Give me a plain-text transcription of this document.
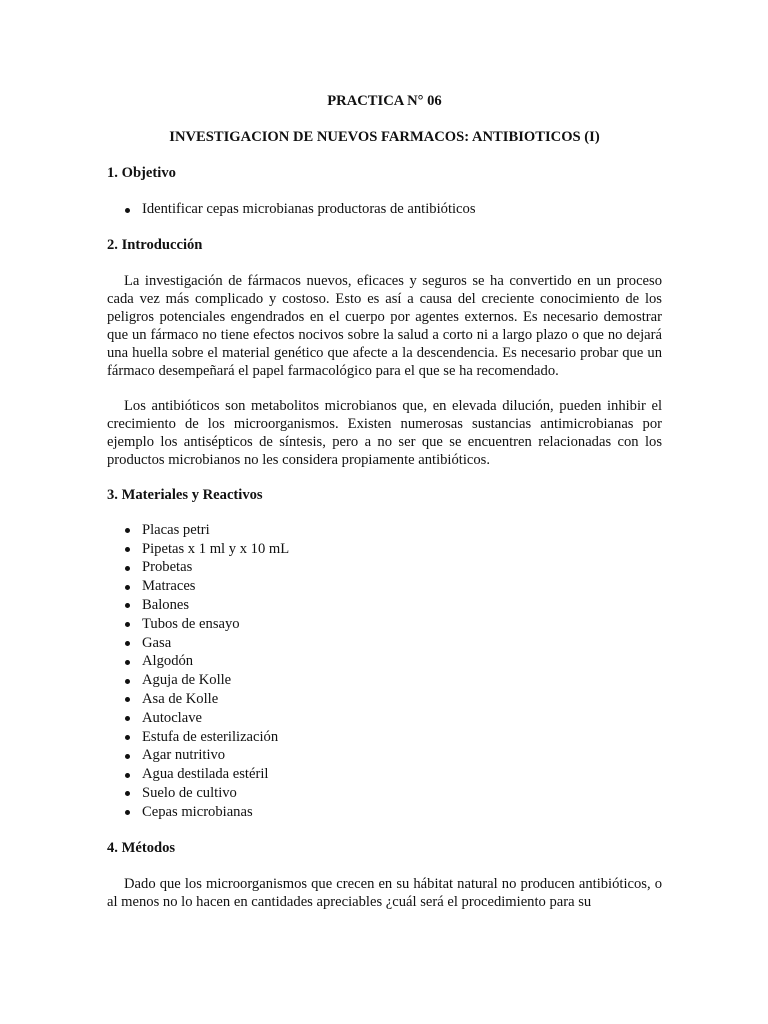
PRACTICA N° 06

INVESTIGACION DE NUEVOS FARMACOS: ANTIBIOTICOS (I)

1. Objetivo

Identificar cepas microbianas productoras de antibióticos

2. Introducción

La investigación de fármacos nuevos, eficaces y seguros se ha convertido en un proceso cada vez más complicado y costoso. Esto es así a causa del creciente conocimiento de los peligros potenciales engendrados en el cuerpo por agentes externos. Es necesario demostrar que un fármaco no tiene efectos nocivos sobre la salud a corto ni a largo plazo o que no dejará una huella sobre el material genético que afecte a la descendencia. Es necesario probar que un fármaco desempeñará el papel farmacológico para el que se ha recomendado.

Los antibióticos son metabolitos microbianos que, en elevada dilución, pueden inhibir el crecimiento de los microorganismos. Existen numerosas sustancias antimicrobianas por ejemplo los antisépticos de síntesis, pero a no ser que se encuentren relacionadas con los productos microbianos no les considera propiamente antibióticos.

3. Materiales y Reactivos

Placas petri
Pipetas x 1 ml y x 10 mL
Probetas
Matraces
Balones
Tubos de ensayo
Gasa
Algodón
Aguja de Kolle
Asa de Kolle
Autoclave
Estufa de esterilización
Agar nutritivo
Agua destilada estéril
Suelo de cultivo
Cepas microbianas

4. Métodos

Dado que los microorganismos que crecen en su hábitat natural no producen antibióticos, o al menos no lo hacen en cantidades apreciables ¿cuál será el procedimiento para su
